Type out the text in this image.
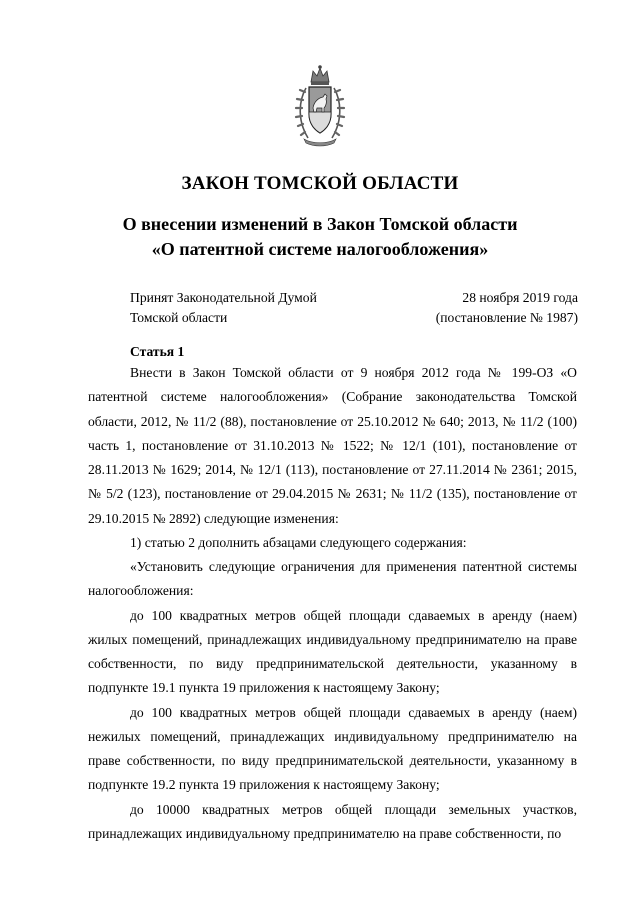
ЗАКОН ТОМСКОЙ ОБЛАСТИ
О внесении изменений в Закон Томской области
«О патентной системе налогообложения»
Принят Законодательной Думой	28 ноября 2019 года
Томской области	(постановление № 1987)
Статья 1

Внести в Закон Томской области от 9 ноября 2012 года № 199-ОЗ «О патентной системе налогообложения» (Собрание законодательства Томской области, 2012, № 11/2 (88), постановление от 25.10.2012 № 640; 2013, № 11/2 (100) часть 1, постановление от 31.10.2013 № 1522; № 12/1 (101), постановление от 28.11.2013 № 1629; 2014, № 12/1 (113), постановление от 27.11.2014 № 2361; 2015, № 5/2 (123), постановление от 29.04.2015 № 2631; № 11/2 (135), постановление от 29.10.2015 № 2892) следующие изменения:

1) статью 2 дополнить абзацами следующего содержания:

«Установить следующие ограничения для применения патентной системы налогообложения:

до 100 квадратных метров общей площади сдаваемых в аренду (наем) жилых помещений, принадлежащих индивидуальному предпринимателю на праве собственности, по виду предпринимательской деятельности, указанному в подпункте 19.1 пункта 19 приложения к настоящему Закону;

до 100 квадратных метров общей площади сдаваемых в аренду (наем) нежилых помещений, принадлежащих индивидуальному предпринимателю на праве собственности, по виду предпринимательской деятельности, указанному в подпункте 19.2 пункта 19 приложения к настоящему Закону;

до 10000 квадратных метров общей площади земельных участков, принадлежащих индивидуальному предпринимателю на праве собственности, по
